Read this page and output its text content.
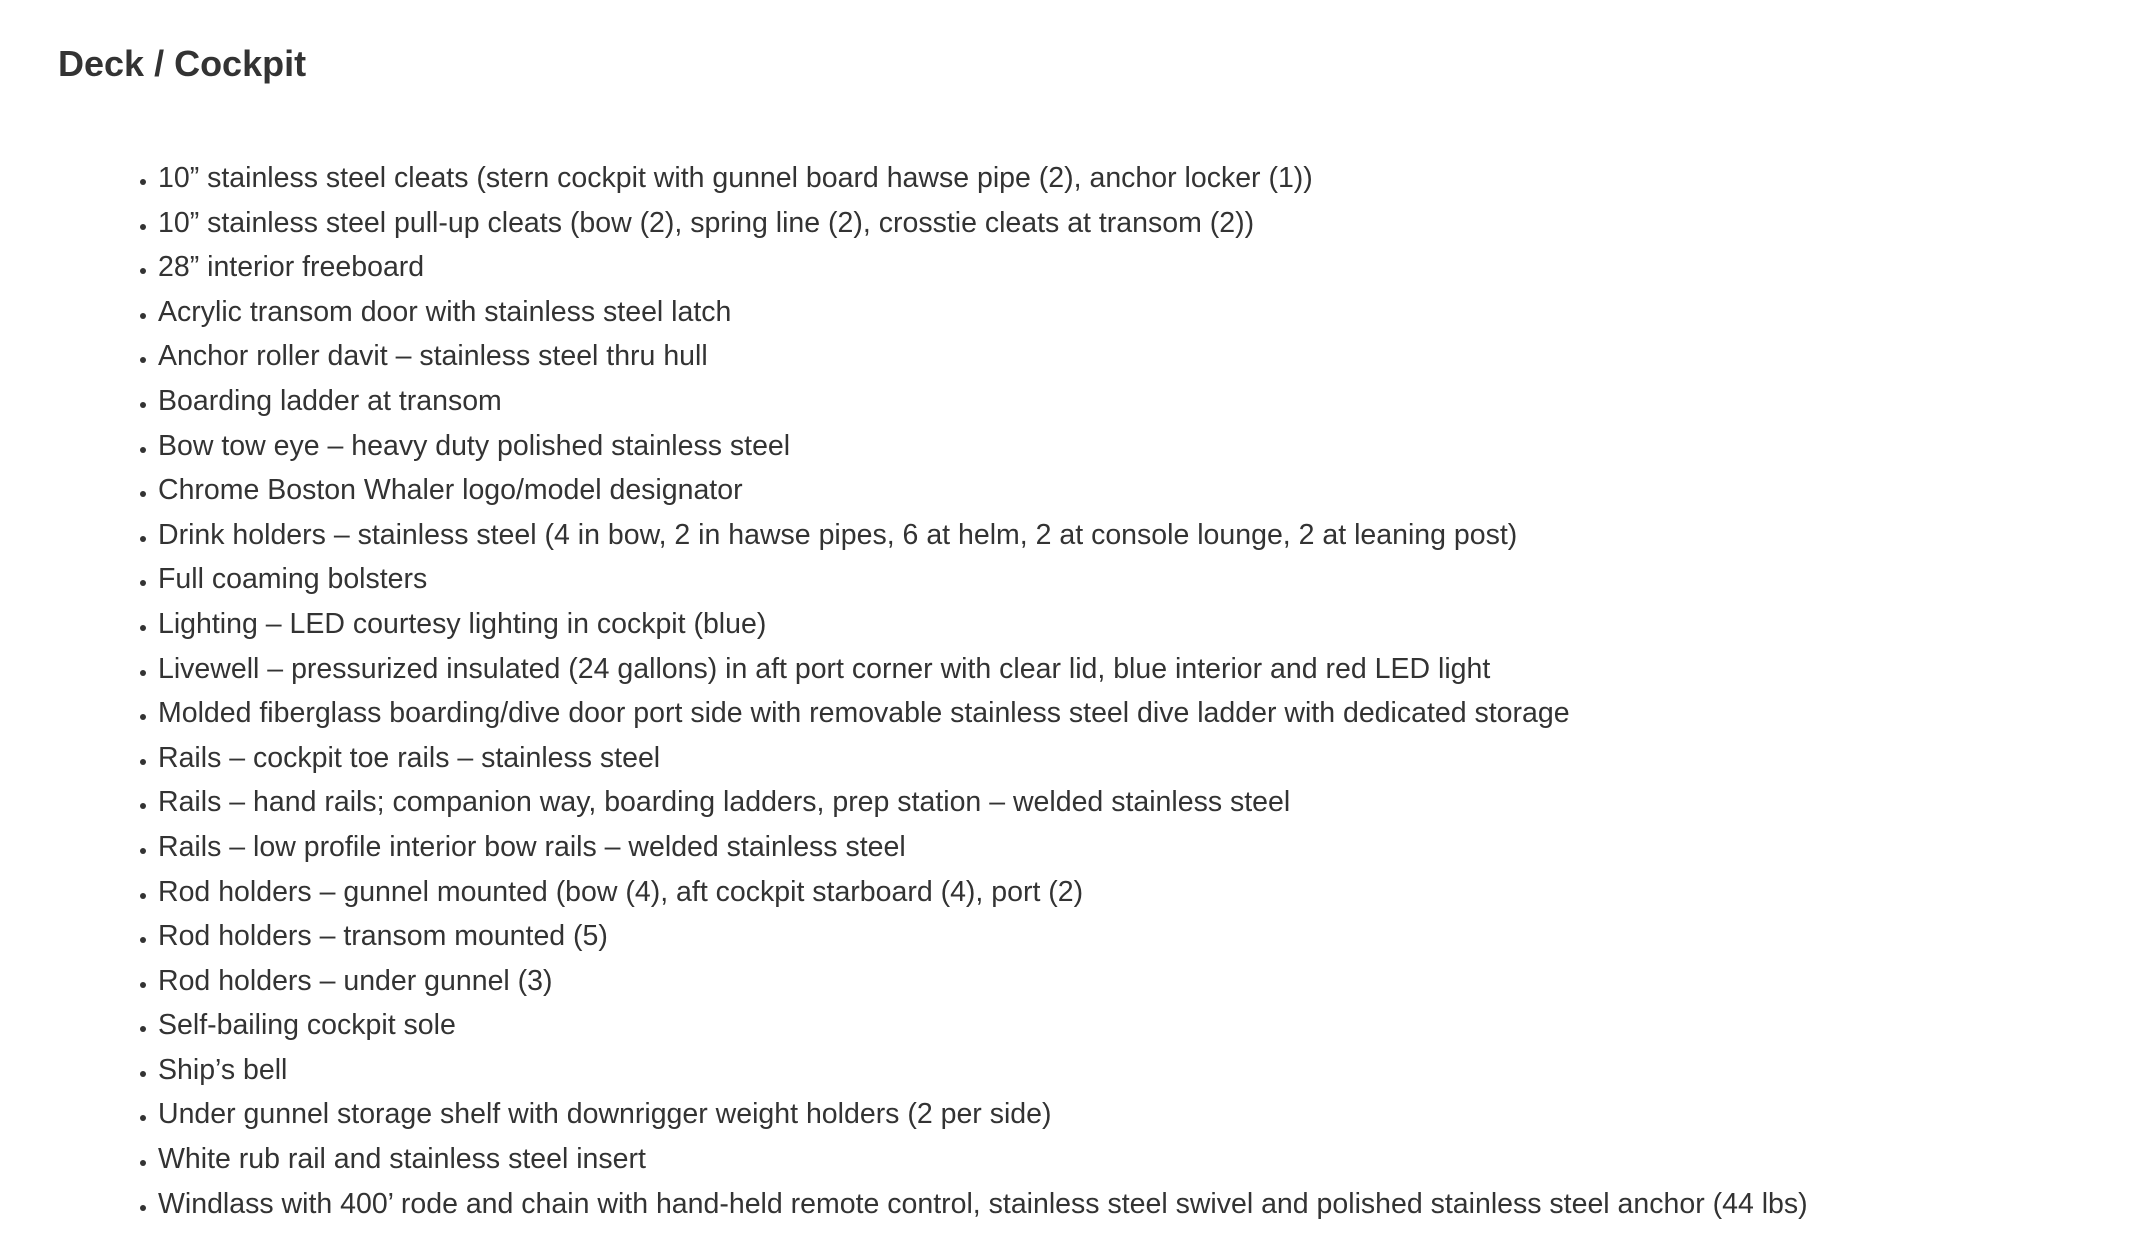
Deck / Cockpit
• 10” stainless steel cleats (stern cockpit with gunnel board hawse pipe (2), anchor locker (1))
• 10” stainless steel pull-up cleats (bow (2), spring line (2), crosstie cleats at transom (2))
• 28” interior freeboard
• Acrylic transom door with stainless steel latch
• Anchor roller davit – stainless steel thru hull
• Boarding ladder at transom
• Bow tow eye – heavy duty polished stainless steel
• Chrome Boston Whaler logo/model designator
• Drink holders – stainless steel (4 in bow, 2 in hawse pipes, 6 at helm, 2 at console lounge, 2 at leaning post)
• Full coaming bolsters
• Lighting – LED courtesy lighting in cockpit (blue)
• Livewell – pressurized insulated (24 gallons) in aft port corner with clear lid, blue interior and red LED light
• Molded fiberglass boarding/dive door port side with removable stainless steel dive ladder with dedicated storage
• Rails – cockpit toe rails – stainless steel
• Rails – hand rails; companion way, boarding ladders, prep station – welded stainless steel
• Rails – low profile interior bow rails – welded stainless steel
• Rod holders – gunnel mounted (bow (4), aft cockpit starboard (4), port (2)
• Rod holders – transom mounted (5)
• Rod holders – under gunnel (3)
• Self-bailing cockpit sole
• Ship’s bell
• Under gunnel storage shelf with downrigger weight holders (2 per side)
• White rub rail and stainless steel insert
• Windlass with 400’ rode and chain with hand-held remote control, stainless steel swivel and polished stainless steel anchor (44 lbs)
